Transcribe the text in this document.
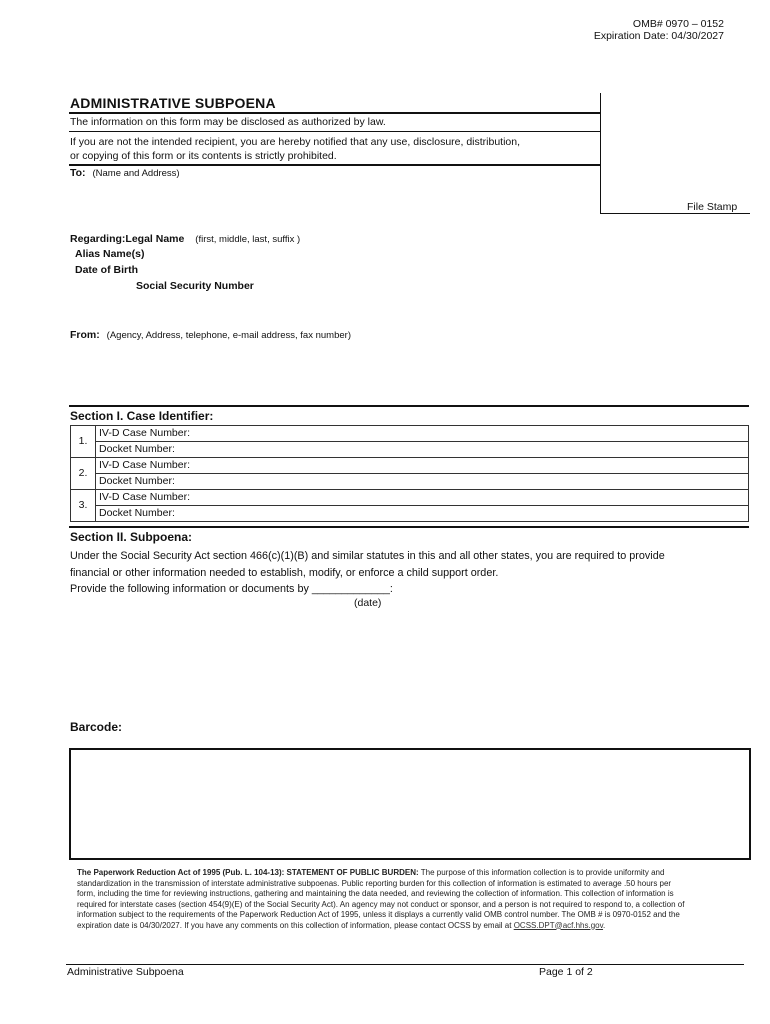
OMB# 0970 – 0152
Expiration Date: 04/30/2027
ADMINISTRATIVE SUBPOENA
The information on this form may be disclosed as authorized by law.
If you are not the intended recipient, you are hereby notified that any use, disclosure, distribution,
or copying of this form or its contents is strictly prohibited.
File Stamp
To: (Name and Address)
Regarding:Legal Name (first, middle, last, suffix )
Alias Name(s)
Date of Birth
Social Security Number
From: (Agency, Address, telephone, e-mail address, fax number)
Section I. Case Identifier:
1.	IV-D Case Number:
	Docket Number:
2.	IV-D Case Number:
	Docket Number:
3.	IV-D Case Number:
	Docket Number:
Section II. Subpoena:
Under the Social Security Act section 466(c)(1)(B) and similar statutes in this and all other states, you are required to provide
financial or other information needed to establish, modify, or enforce a child support order.
Provide the following information or documents by _____________:
(date)
Barcode:
The Paperwork Reduction Act of 1995 (Pub. L. 104-13): STATEMENT OF PUBLIC BURDEN: The purpose of this information collection is to provide uniformity and standardization in the transmission of interstate administrative subpoenas. Public reporting burden for this collection of information is estimated to average .50 hours per form, including the time for reviewing instructions, gathering and maintaining the data needed, and reviewing the collection of information. This collection of information is required for interstate cases (section 454(9)(E) of the Social Security Act). An agency may not conduct or sponsor, and a person is not required to respond to, a collection of information subject to the requirements of the Paperwork Reduction Act of 1995, unless it displays a currently valid OMB control number. The OMB # is 0970-0152 and the expiration date is 04/30/2027. If you have any comments on this collection of information, please contact OCSS by email at OCSS.DPT@acf.hhs.gov.
Administrative Subpoena	Page 1 of 2
